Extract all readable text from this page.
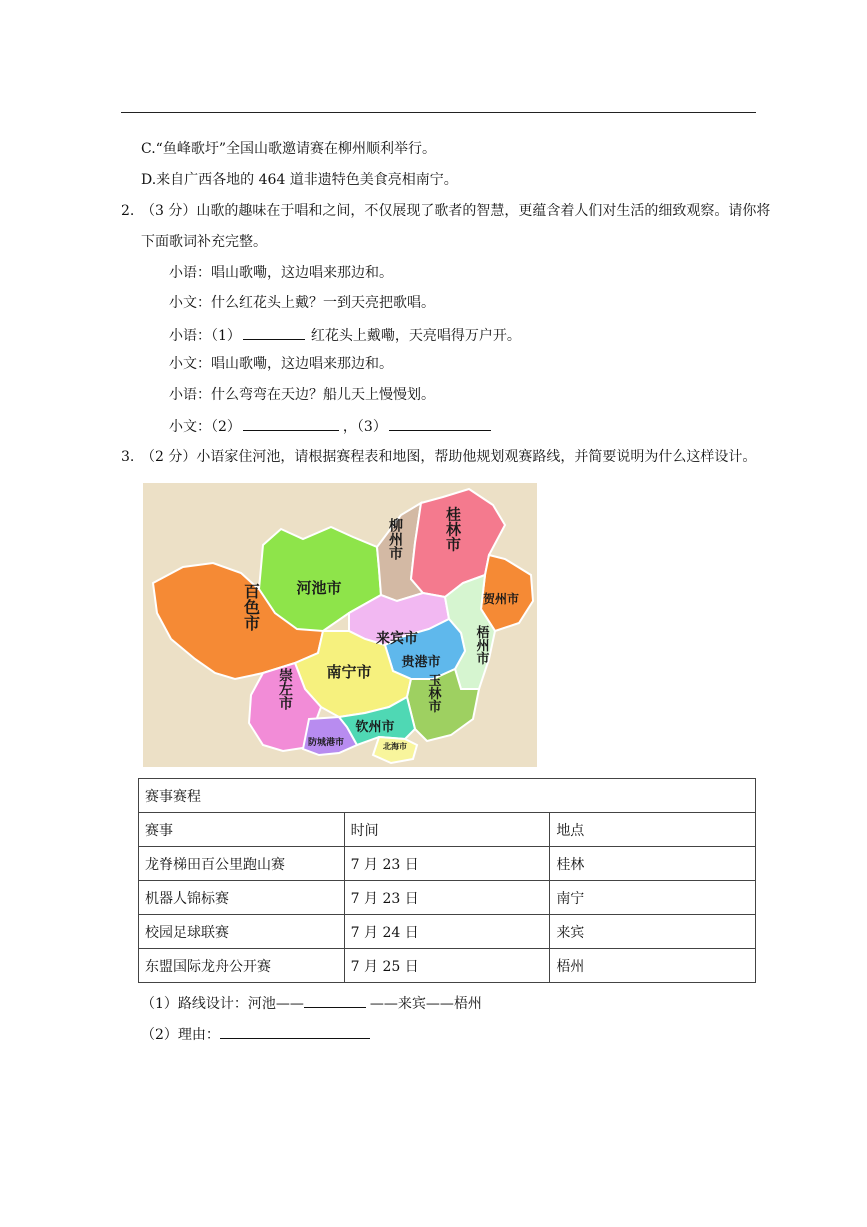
C.“鱼峰歌圩”全国山歌邀请赛在柳州顺利举行。
D.来自广西各地的 464 道非遗特色美食亮相南宁。
2. （3 分）山歌的趣味在于唱和之间，不仅展现了歌者的智慧，更蕴含着人们对生活的细致观察。请你将
下面歌词补充完整。
小语：唱山歌嘞，这边唱来那边和。
小文：什么红花头上戴？一到天亮把歌唱。
小语：（1）	红花头上戴嘞，天亮唱得万户开。
小文：唱山歌嘞，这边唱来那边和。
小语：什么弯弯在天边？船儿天上慢慢划。
小文：（2）	，（3）
3. （2 分）小语家住河池，请根据赛程表和地图，帮助他规划观赛路线，并简要说明为什么这样设计。
河池市
柳州市	桂林市
贺州市
百色市
来宾市
贵港市	梧州市
南宁市
崇左市	玉林市
钦州市
防城港市	北海市
赛事赛程		
赛事	时间	地点
龙脊梯田百公里跑山赛	7 月 23 日	桂林
机器人锦标赛	7 月 23 日	南宁
校园足球联赛	7 月 24 日	来宾
东盟国际龙舟公开赛	7 月 25 日	梧州
（1）路线设计：河池——	——来宾——梧州
（2）理由：
